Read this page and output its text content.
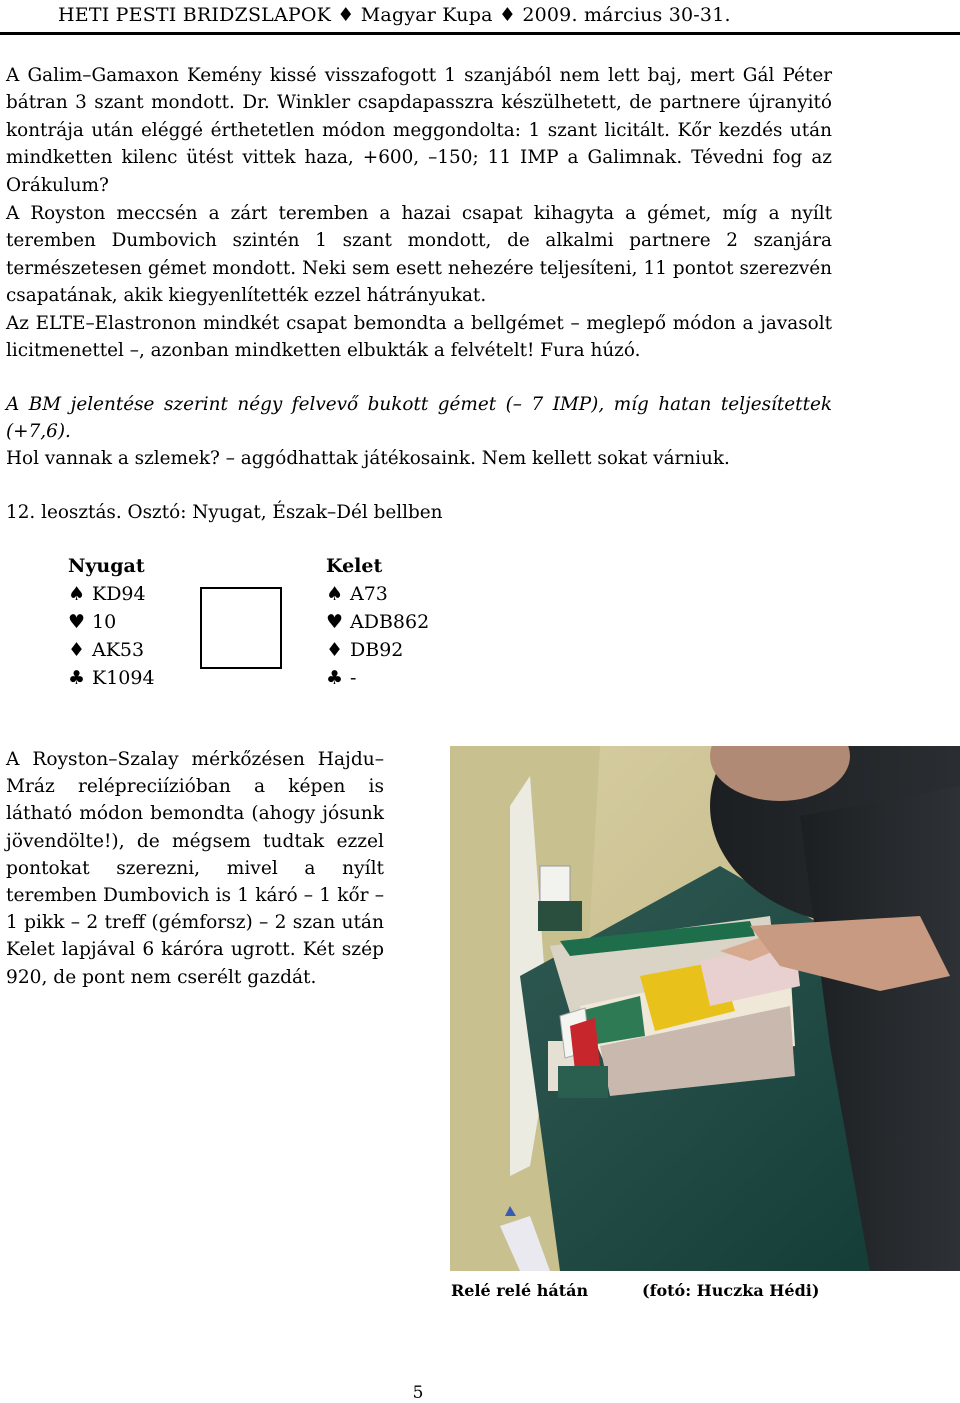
HETI PESTI BRIDZSLAPOK ♦ Magyar Kupa ♦ 2009. március 30-31.

A Galim–Gamaxon Kemény kissé visszafogott 1 szanjából nem lett baj, mert Gál Péter bátran 3 szant mondott. Dr. Winkler csapdapasszra készülhetett, de partnere újranyitó kontrája után eléggé érthetetlen módon meggondolta: 1 szant licitált. Kőr kezdés után mindketten kilenc ütést vittek haza, +600, –150; 11 IMP a Galimnak. Tévedni fog az Orákulum?

A Royston meccsén a zárt teremben a hazai csapat kihagyta a gémet, míg a nyílt teremben Dumbovich szintén 1 szant mondott, de alkalmi partnere 2 szanjára természetesen gémet mondott. Neki sem esett nehezére teljesíteni, 11 pontot szerezvén csapatának, akik kiegyenlítették ezzel hátrányukat.

Az ELTE–Elastronon mindkét csapat bemondta a bellgémet – meglepő módon a javasolt licitmenettel –, azonban mindketten elbukták a felvételt! Fura húzó.

A BM jelentése szerint négy felvevő bukott gémet (– 7 IMP), míg hatan teljesítettek (+7,6).

Hol vannak a szlemek? – aggódhattak játékosaink. Nem kellett sokat várniuk.

12. leosztás. Osztó: Nyugat, Észak–Dél bellben

Nyugat
♠ KD94
♥ 10
♦ AK53
♣ K1094
Kelet
♠ A73
♥ ADB862
♦ DB92
♣ -

A Royston–Szalay mérkőzésen Hajdu–Mráz relépreciízióban a képen is látható módon bemondta (ahogy jósunk jövendölte!), de mégsem tudtak ezzel pontokat szerezni, mivel a nyílt teremben Dumbovich is 1 káró – 1 kőr – 1 pikk – 2 treff (gémforsz) – 2 szan után Kelet lapjával 6 káróra ugrott. Két szép 920, de pont nem cserélt gazdát.

Relé relé hátán	(fotó: Huczka Hédi)
5
